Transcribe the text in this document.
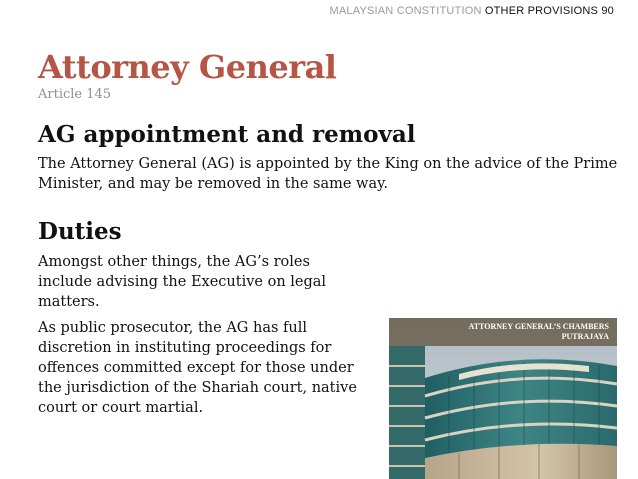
MALAYSIAN CONSTITUTION OTHER PROVISIONS 90
Attorney General
Article 145
AG appointment and removal

The Attorney General (AG) is appointed by the King on the advice of the Prime Minister, and may be removed in the same way.

Duties

Amongst other things, the AG’s roles include advising the Executive on legal matters.

As public prosecutor, the AG has full discretion in instituting proceedings for offences committed except for those under the jurisdiction of the Shariah court, native court or court martial.

ATTORNEY GENERAL’S CHAMBERS
PUTRAJAYA
